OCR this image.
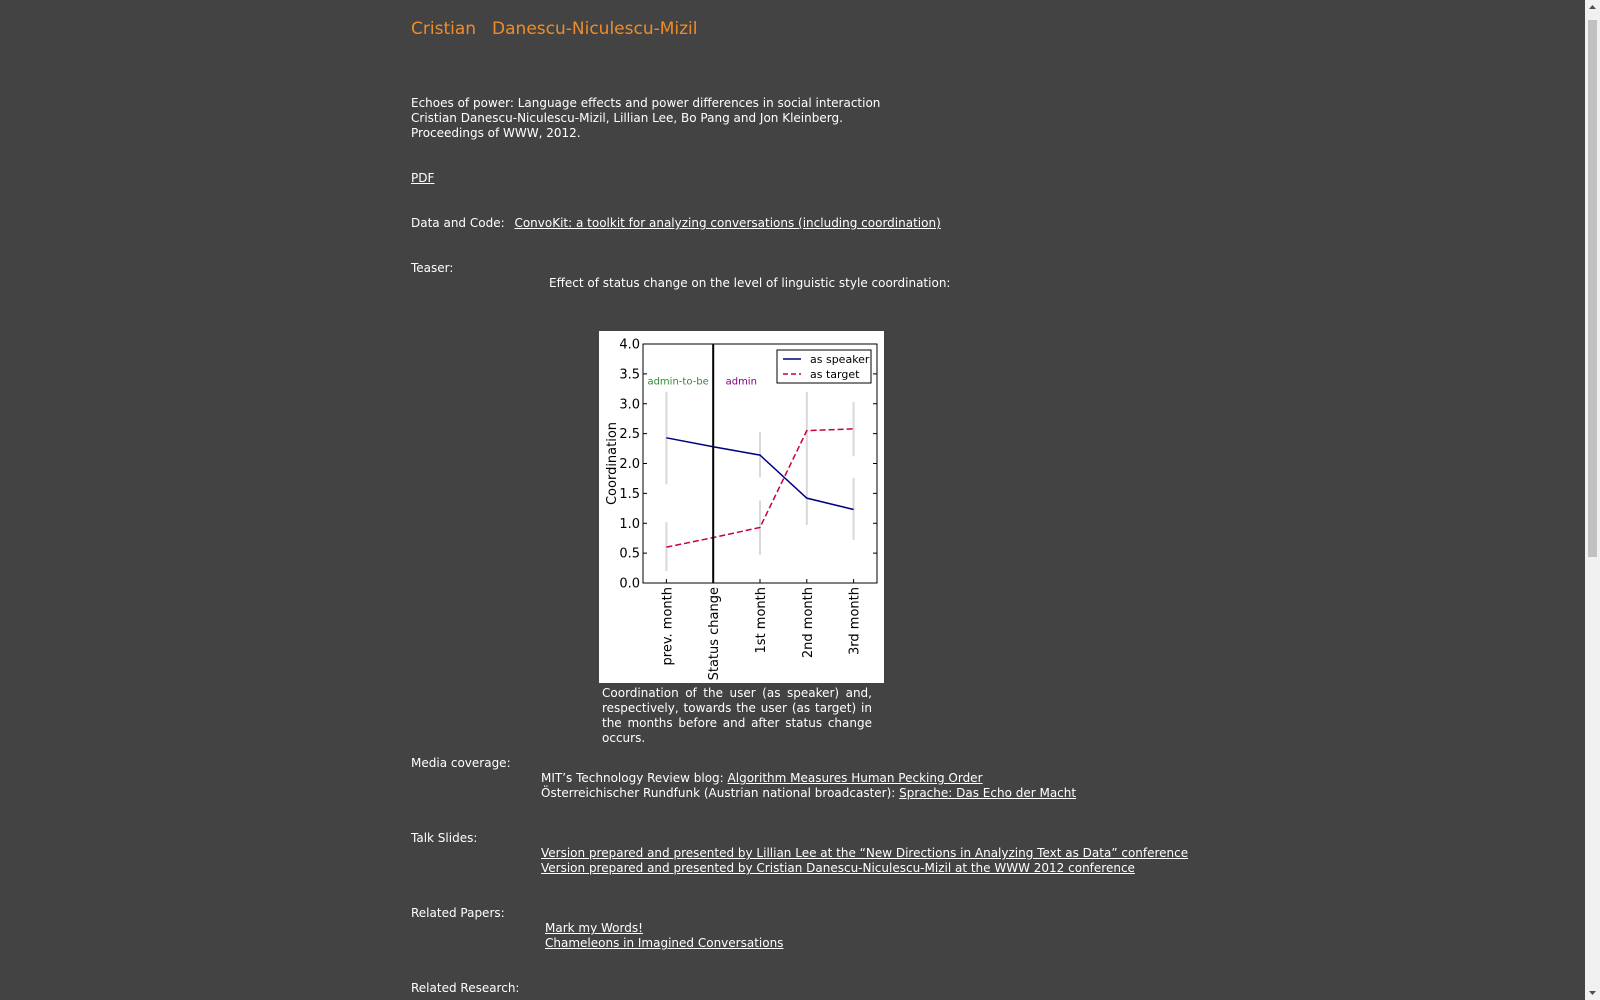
Cristian Danescu-Niculescu-Mizil
Echoes of power: Language effects and power differences in social interaction
Cristian Danescu-Niculescu-Mizil, Lillian Lee, Bo Pang and Jon Kleinberg.
Proceedings of WWW, 2012.
PDF
Data and Code: ConvoKit: a toolkit for analyzing conversations (including coordination)
Teaser:
Effect of status change on the level of linguistic style coordination:
0.0
0.5
1.0
1.5
2.0
2.5
3.0
3.5
4.0
prev. month Status change 1st month 2nd month 3rd month
Coordination
admin-to-be admin
as speaker
as target
Coordination of the user (as speaker) and, respectively, towards the user (as target) in the months before and after status change occurs.
Media coverage:
MIT’s Technology Review blog: Algorithm Measures Human Pecking Order
Österreichischer Rundfunk (Austrian national broadcaster): Sprache: Das Echo der Macht
Talk Slides:
Version prepared and presented by Lillian Lee at the “New Directions in Analyzing Text as Data” conference
Version prepared and presented by Cristian Danescu-Niculescu-Mizil at the WWW 2012 conference
Related Papers:
Mark my Words!
Chameleons in Imagined Conversations
Related Research:
